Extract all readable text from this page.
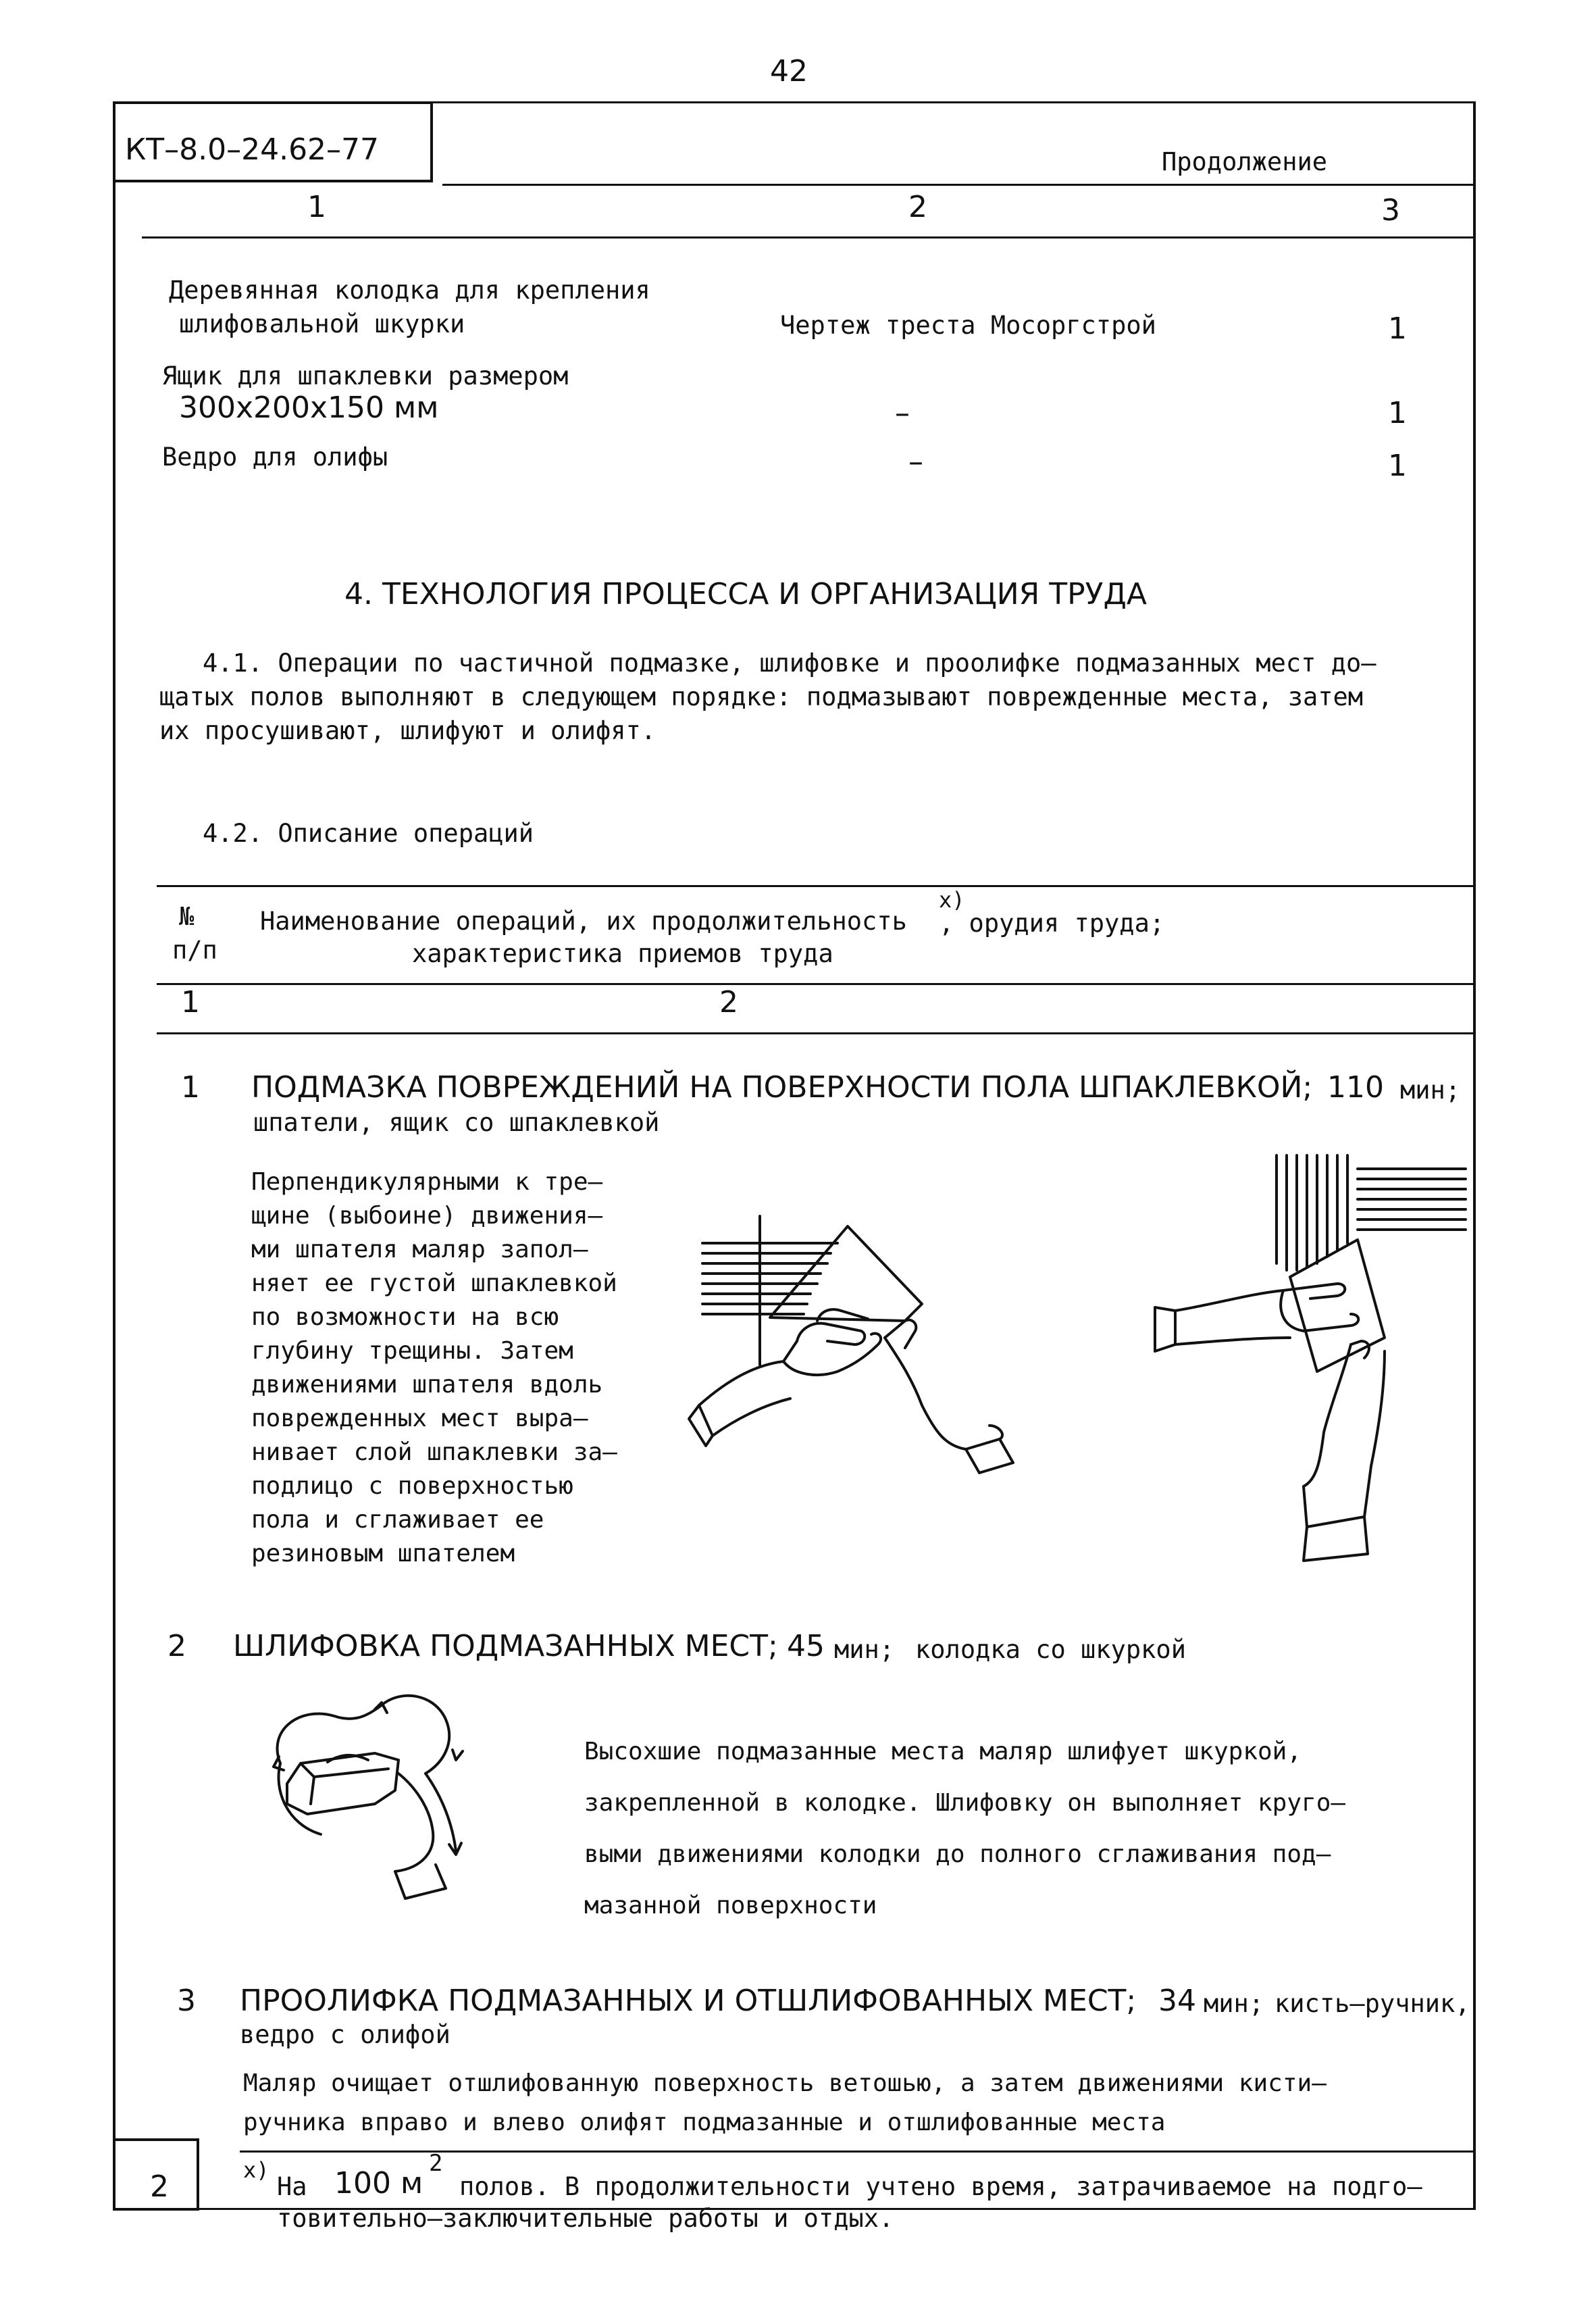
42
КТ–8.0–24.62–77	Продолжение
1	2	3
Деревянная колодка для крепления
шлифовальной шкурки	Чертеж треста Мосоргстрой	1
Ящик для шпаклевки размером
300х200х150 мм	–	1
Ведро для олифы	–	1
4. ТЕХНОЛОГИЯ ПРОЦЕССА И ОРГАНИЗАЦИЯ ТРУДА
4.1. Операции по частичной подмазке, шлифовке и проолифке подмазанных мест до–
щатых полов выполняют в следующем порядке: подмазывают поврежденные места, затем
их просушивают, шлифуют и олифят.
4.2. Описание операций
№
п/п
Наименование операций, их продолжительность
х)
, орудия труда;
характеристика приемов труда
1	2
1 ПОДМАЗКА ПОВРЕЖДЕНИЙ НА ПОВЕРХНОСТИ ПОЛА ШПАКЛЕВКОЙ; 110 мин;
шпатели, ящик со шпаклевкой
Перпендикулярными к тре–
щине (выбоине) движения–
ми шпателя маляр запол–
няет ее густой шпаклевкой
по возможности на всю
глубину трещины. Затем
движениями шпателя вдоль
поврежденных мест выра–
нивает слой шпаклевки за–
подлицо с поверхностью
пола и сглаживает ее
резиновым шпателем
2 ШЛИФОВКА ПОДМАЗАННЫХ МЕСТ; 45 мин; колодка со шкуркой
Высохшие подмазанные места маляр шлифует шкуркой,
закрепленной в колодке. Шлифовку он выполняет круго–
выми движениями колодки до полного сглаживания под–
мазанной поверхности
3 ПРООЛИФКА ПОДМАЗАННЫХ И ОТШЛИФОВАННЫХ МЕСТ; 34 мин; кисть–ручник,
ведро с олифой
Маляр очищает отшлифованную поверхность ветошью, а затем движениями кисти–
ручника вправо и влево олифят подмазанные и отшлифованные места
х)
На 100 м
2
полов. В продолжительности учтено время, затрачиваемое на подго–
товительно–заключительные работы и отдых.
2
